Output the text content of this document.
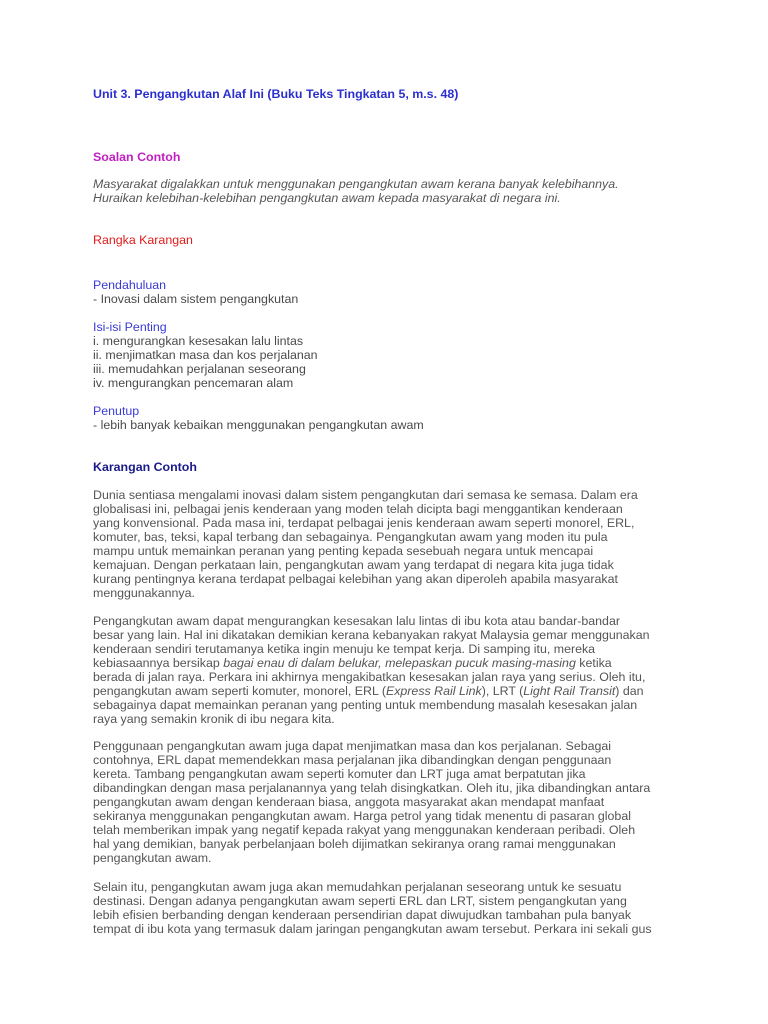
Unit 3. Pengangkutan Alaf Ini (Buku Teks Tingkatan 5, m.s. 48)

Soalan Contoh

Masyarakat digalakkan untuk menggunakan pengangkutan awam kerana banyak kelebihannya.
Huraikan kelebihan-kelebihan pengangkutan awam kepada masyarakat di negara ini.

Rangka Karangan

Pendahuluan
- Inovasi dalam sistem pengangkutan
Isi-isi Penting
i. mengurangkan kesesakan lalu lintas
ii. menjimatkan masa dan kos perjalanan
iii. memudahkan perjalanan seseorang
iv. mengurangkan pencemaran alam
Penutup
- lebih banyak kebaikan menggunakan pengangkutan awam

Karangan Contoh

Dunia sentiasa mengalami inovasi dalam sistem pengangkutan dari semasa ke semasa. Dalam era
globalisasi ini, pelbagai jenis kenderaan yang moden telah dicipta bagi menggantikan kenderaan
yang konvensional. Pada masa ini, terdapat pelbagai jenis kenderaan awam seperti monorel, ERL,
komuter, bas, teksi, kapal terbang dan sebagainya. Pengangkutan awam yang moden itu pula
mampu untuk memainkan peranan yang penting kepada sesebuah negara untuk mencapai
kemajuan. Dengan perkataan lain, pengangkutan awam yang terdapat di negara kita juga tidak
kurang pentingnya kerana terdapat pelbagai kelebihan yang akan diperoleh apabila masyarakat
menggunakannya.

Pengangkutan awam dapat mengurangkan kesesakan lalu lintas di ibu kota atau bandar-bandar
besar yang lain. Hal ini dikatakan demikian kerana kebanyakan rakyat Malaysia gemar menggunakan
kenderaan sendiri terutamanya ketika ingin menuju ke tempat kerja. Di samping itu, mereka
kebiasaannya bersikap bagai enau di dalam belukar, melepaskan pucuk masing-masing ketika
berada di jalan raya. Perkara ini akhirnya mengakibatkan kesesakan jalan raya yang serius. Oleh itu,
pengangkutan awam seperti komuter, monorel, ERL (Express Rail Link), LRT (Light Rail Transit) dan
sebagainya dapat memainkan peranan yang penting untuk membendung masalah kesesakan jalan
raya yang semakin kronik di ibu negara kita.

Penggunaan pengangkutan awam juga dapat menjimatkan masa dan kos perjalanan. Sebagai
contohnya, ERL dapat memendekkan masa perjalanan jika dibandingkan dengan penggunaan
kereta. Tambang pengangkutan awam seperti komuter dan LRT juga amat berpatutan jika
dibandingkan dengan masa perjalanannya yang telah disingkatkan. Oleh itu, jika dibandingkan antara
pengangkutan awam dengan kenderaan biasa, anggota masyarakat akan mendapat manfaat
sekiranya menggunakan pengangkutan awam. Harga petrol yang tidak menentu di pasaran global
telah memberikan impak yang negatif kepada rakyat yang menggunakan kenderaan peribadi. Oleh
hal yang demikian, banyak perbelanjaan boleh dijimatkan sekiranya orang ramai menggunakan
pengangkutan awam.

Selain itu, pengangkutan awam juga akan memudahkan perjalanan seseorang untuk ke sesuatu
destinasi. Dengan adanya pengangkutan awam seperti ERL dan LRT, sistem pengangkutan yang
lebih efisien berbanding dengan kenderaan persendirian dapat diwujudkan tambahan pula banyak
tempat di ibu kota yang termasuk dalam jaringan pengangkutan awam tersebut. Perkara ini sekali gus
